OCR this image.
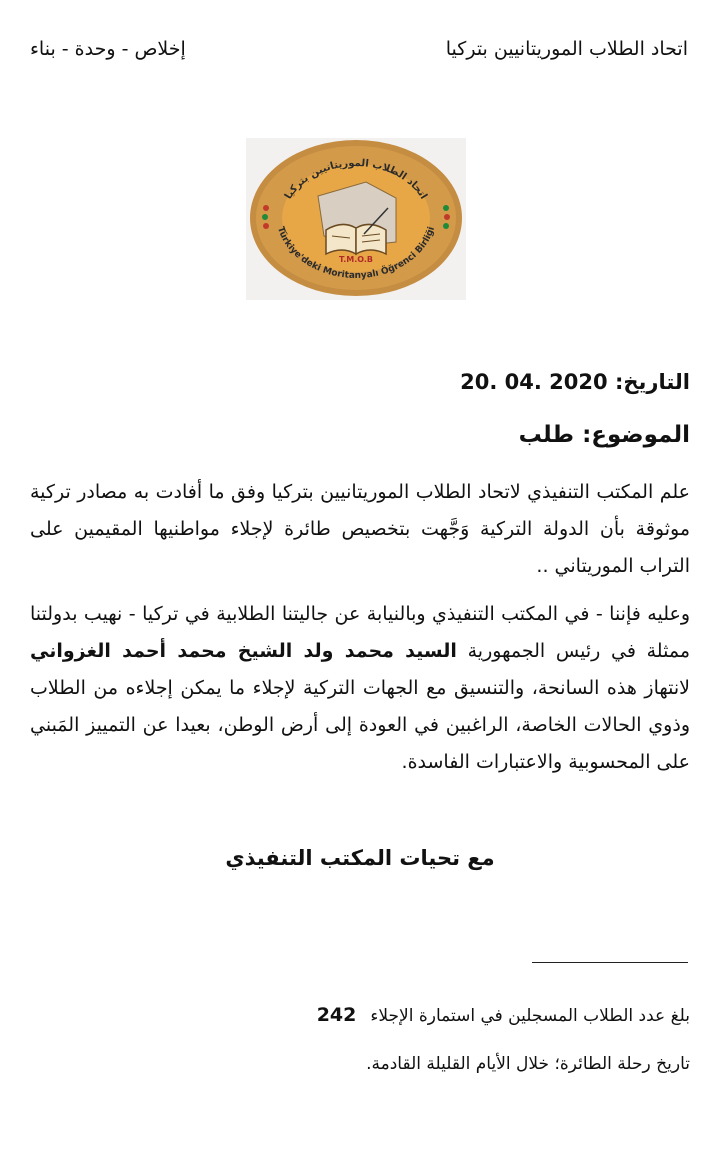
اتحاد الطلاب الموريتانيين بتركيا
إخلاص - وحدة - بناء
اتحاد الطلاب الموريتانيين بتركيا
Türkiye'deki Moritanyalı Öğrenci Birliği
T.M.O.B
التاريخ: 20. 04. 2020
الموضوع: طلب
علم المكتب التنفيذي لاتحاد الطلاب الموريتانيين بتركيا وفق ما أفادت به مصادر تركية موثوقة بأن الدولة التركية وَجَّهت بتخصيص طائرة لإجلاء مواطنيها المقيمين على التراب الموريتاني ..
وعليه فإننا - في المكتب التنفيذي وبالنيابة عن جاليتنا الطلابية في تركيا - نهيب بدولتنا ممثلة في رئيس الجمهورية السيد محمد ولد الشيخ محمد أحمد الغزواني لانتهاز هذه السانحة، والتنسيق مع الجهات التركية لإجلاء ما يمكن إجلاءه من الطلاب وذوي الحالات الخاصة، الراغبين في العودة إلى أرض الوطن، بعيدا عن التمييز المَبني على المحسوبية والاعتبارات الفاسدة.
مع تحيات المكتب التنفيذي
بلغ عدد الطلاب المسجلين في استمارة الإجلاء242
تاريخ رحلة الطائرة؛ خلال الأيام القليلة القادمة.
